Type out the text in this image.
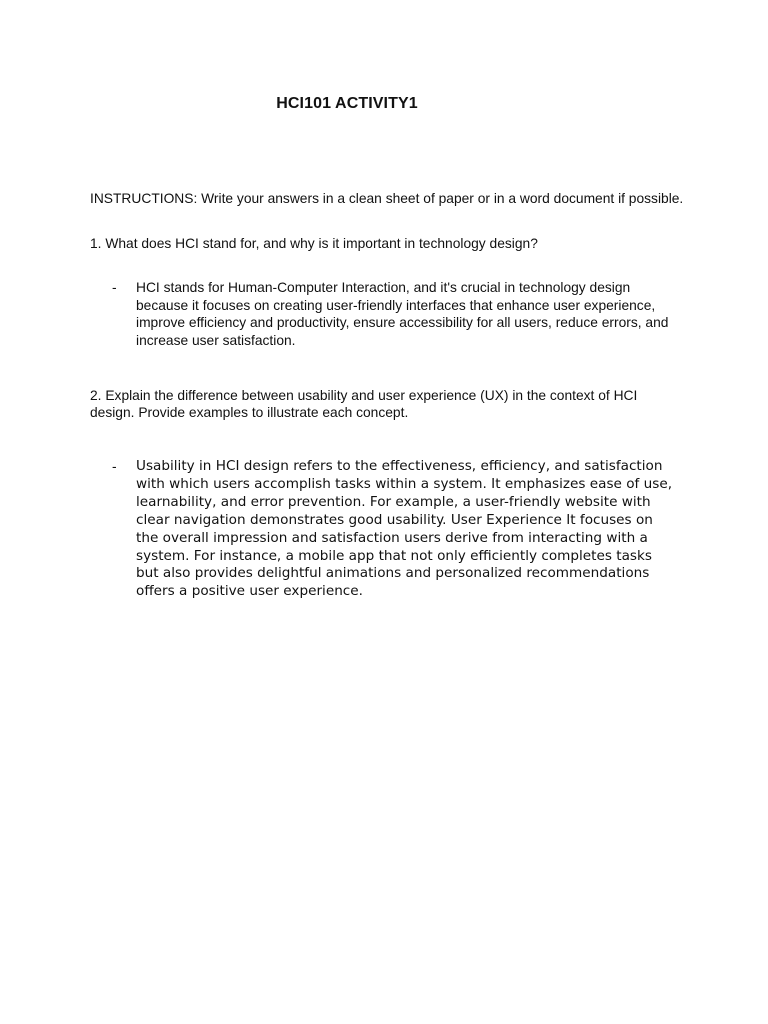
HCI101 ACTIVITY1
INSTRUCTIONS: Write your answers in a clean sheet of paper or in a word document if possible.
1. What does HCI stand for, and why is it important in technology design?
- HCI stands for Human-Computer Interaction, and it's crucial in technology design because it focuses on creating user-friendly interfaces that enhance user experience, improve efficiency and productivity, ensure accessibility for all users, reduce errors, and increase user satisfaction.
2. Explain the difference between usability and user experience (UX) in the context of HCI design. Provide examples to illustrate each concept.
- Usability in HCI design refers to the effectiveness, efficiency, and satisfaction with which users accomplish tasks within a system. It emphasizes ease of use, learnability, and error prevention. For example, a user-friendly website with clear navigation demonstrates good usability. User Experience It focuses on the overall impression and satisfaction users derive from interacting with a system. For instance, a mobile app that not only efficiently completes tasks but also provides delightful animations and personalized recommendations offers a positive user experience.
